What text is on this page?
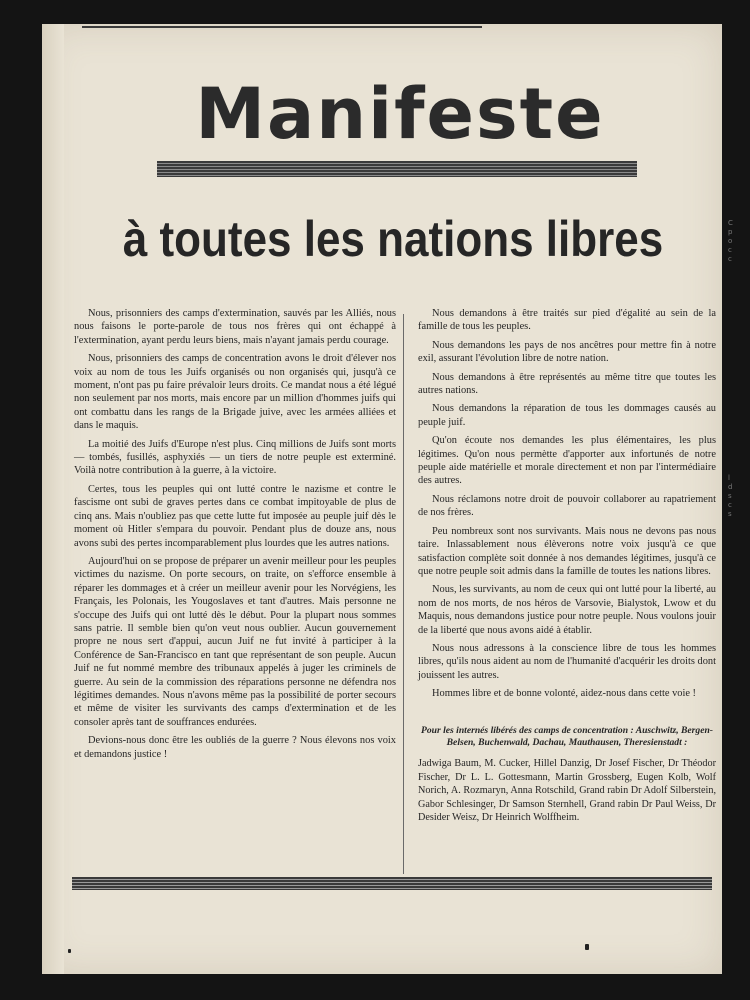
Manifeste
à toutes les nations libres

Nous, prisonniers des camps d'extermination, sauvés par les Alliés, nous nous faisons le porte-parole de tous nos frères qui ont échappé à l'extermination, ayant perdu leurs biens, mais n'ayant jamais perdu courage.

Nous, prisonniers des camps de concentration avons le droit d'élever nos voix au nom de tous les Juifs organisés ou non organisés qui, jusqu'à ce moment, n'ont pas pu faire prévaloir leurs droits. Ce mandat nous a été légué non seulement par nos morts, mais encore par un million d'hommes juifs qui ont combattu dans les rangs de la Brigade juive, avec les armées alliées et dans le maquis.

La moitié des Juifs d'Europe n'est plus. Cinq millions de Juifs sont morts — tombés, fusillés, asphyxiés — un tiers de notre peuple est exterminé. Voilà notre contribution à la guerre, à la victoire.

Certes, tous les peuples qui ont lutté contre le nazisme et contre le fascisme ont subi de graves pertes dans ce combat impitoyable de plus de cinq ans. Mais n'oubliez pas que cette lutte fut imposée au peuple juif dès le moment où Hitler s'empara du pouvoir. Pendant plus de douze ans, nous avons subi des pertes incomparablement plus lourdes que les autres nations.

Aujourd'hui on se propose de préparer un avenir meilleur pour les peuples victimes du nazisme. On porte secours, on traite, on s'efforce ensemble à réparer les dommages et à créer un meilleur avenir pour les Norvégiens, les Français, les Polonais, les Yougoslaves et tant d'autres. Mais personne ne s'occupe des Juifs qui ont lutté dès le début. Pour la plupart nous sommes sans patrie. Il semble bien qu'on veut nous oublier. Aucun gouvernement propre ne nous sert d'appui, aucun Juif ne fut invité à participer à la Conférence de San-Francisco en tant que représentant de son peuple. Aucun Juif ne fut nommé membre des tribunaux appelés à juger les criminels de guerre. Au sein de la commission des réparations personne ne défendra nos légitimes demandes. Nous n'avons même pas la possibilité de porter secours et même de visiter les survivants des camps d'extermination et de les consoler après tant de souffrances endurées.

Devions-nous donc être les oubliés de la guerre ? Nous élevons nos voix et demandons justice !

Nous demandons à être traités sur pied d'égalité au sein de la famille de tous les peuples.

Nous demandons les pays de nos ancêtres pour mettre fin à notre exil, assurant l'évolution libre de notre nation.

Nous demandons à être représentés au même titre que toutes les autres nations.

Nous demandons la réparation de tous les dommages causés au peuple juif.

Qu'on écoute nos demandes les plus élémentaires, les plus légitimes. Qu'on nous permètte d'apporter aux infortunés de notre peuple aide matérielle et morale directement et non par l'intermédiaire des autres.

Nous réclamons notre droit de pouvoir collaborer au rapatriement de nos frères.

Peu nombreux sont nos survivants. Mais nous ne devons pas nous taire. Inlassablement nous élèverons notre voix jusqu'à ce que satisfaction complète soit donnée à nos demandes légitimes, jusqu'à ce que notre peuple soit admis dans la famille de toutes les nations libres.

Nous, les survivants, au nom de ceux qui ont lutté pour la liberté, au nom de nos morts, de nos héros de Varsovie, Bialystok, Lwow et du Maquis, nous demandons justice pour notre peuple. Nous voulons jouir de la liberté que nous avons aidé à établir.

Nous nous adressons à la conscience libre de tous les hommes libres, qu'ils nous aident au nom de l'humanité d'acquérir les droits dont jouissent les autres.

Hommes libre et de bonne volonté, aidez-nous dans cette voie !

Pour les internés libérés des camps de concentration : Auschwitz, Bergen-Belsen, Buchenwald, Dachau, Mauthausen, Theresienstadt :

Jadwiga Baum, M. Cucker, Hillel Danzig, Dr Josef Fischer, Dr Théodor Fischer, Dr L. L. Gottesmann, Martin Grossberg, Eugen Kolb, Wolf Norich, A. Rozmaryn, Anna Rotschild, Grand rabin Dr Adolf Silberstein, Gabor Schlesinger, Dr Samson Sternhell, Grand rabin Dr Paul Weiss, Dr Desider Weisz, Dr Heinrich Wolffheim.

C
p
o
c
c
l
d
s
c
s
